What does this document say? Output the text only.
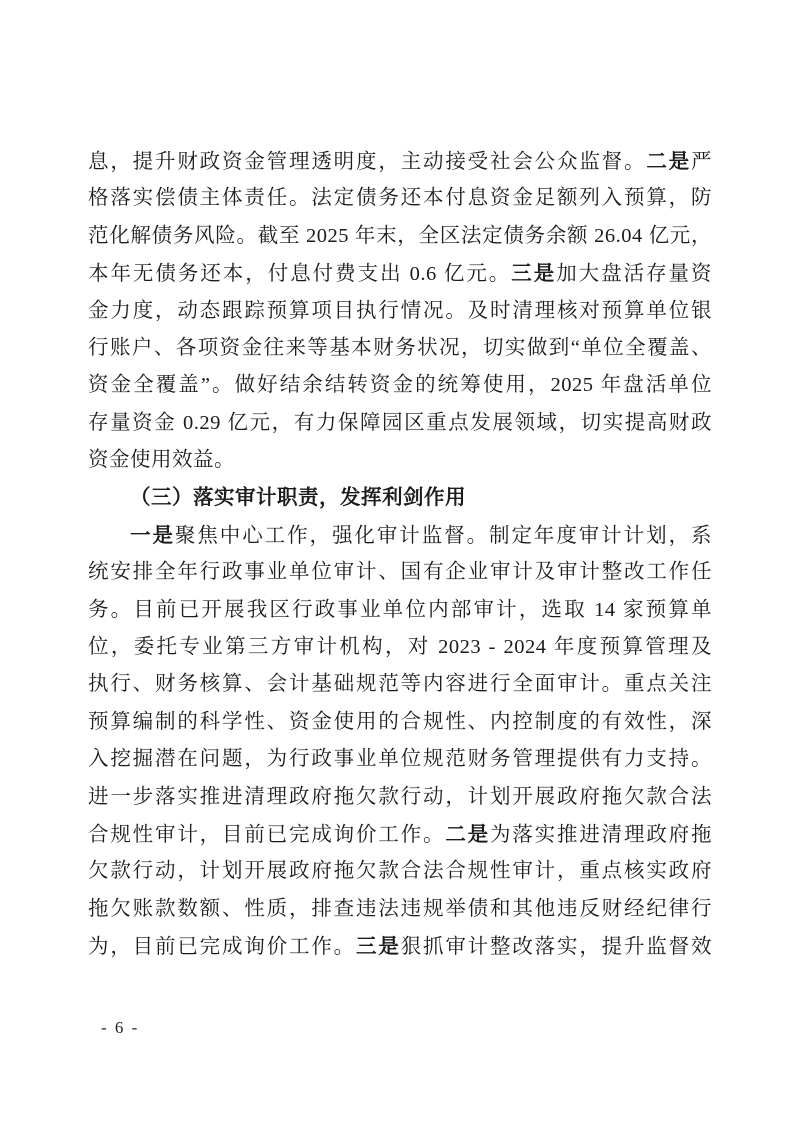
息，提升财政资金管理透明度，主动接受社会公众监督。二是严
格落实偿债主体责任。法定债务还本付息资金足额列入预算，防
范化解债务风险。截至 2025 年末，全区法定债务余额 26.04 亿元，
本年无债务还本，付息付费支出 0.6 亿元。三是加大盘活存量资
金力度，动态跟踪预算项目执行情况。及时清理核对预算单位银
行账户、各项资金往来等基本财务状况，切实做到“单位全覆盖、
资金全覆盖”。做好结余结转资金的统筹使用，2025 年盘活单位
存量资金 0.29 亿元，有力保障园区重点发展领域，切实提高财政
资金使用效益。
（三）落实审计职责，发挥利剑作用
一是聚焦中心工作，强化审计监督。制定年度审计计划，系
统安排全年行政事业单位审计、国有企业审计及审计整改工作任
务。目前已开展我区行政事业单位内部审计，选取 14 家预算单
位，委托专业第三方审计机构，对 2023 - 2024 年度预算管理及
执行、财务核算、会计基础规范等内容进行全面审计。重点关注
预算编制的科学性、资金使用的合规性、内控制度的有效性，深
入挖掘潜在问题，为行政事业单位规范财务管理提供有力支持。
进一步落实推进清理政府拖欠款行动，计划开展政府拖欠款合法
合规性审计，目前已完成询价工作。二是为落实推进清理政府拖
欠款行动，计划开展政府拖欠款合法合规性审计，重点核实政府
拖欠账款数额、性质，排查违法违规举债和其他违反财经纪律行
为，目前已完成询价工作。三是狠抓审计整改落实，提升监督效
- 6 -
